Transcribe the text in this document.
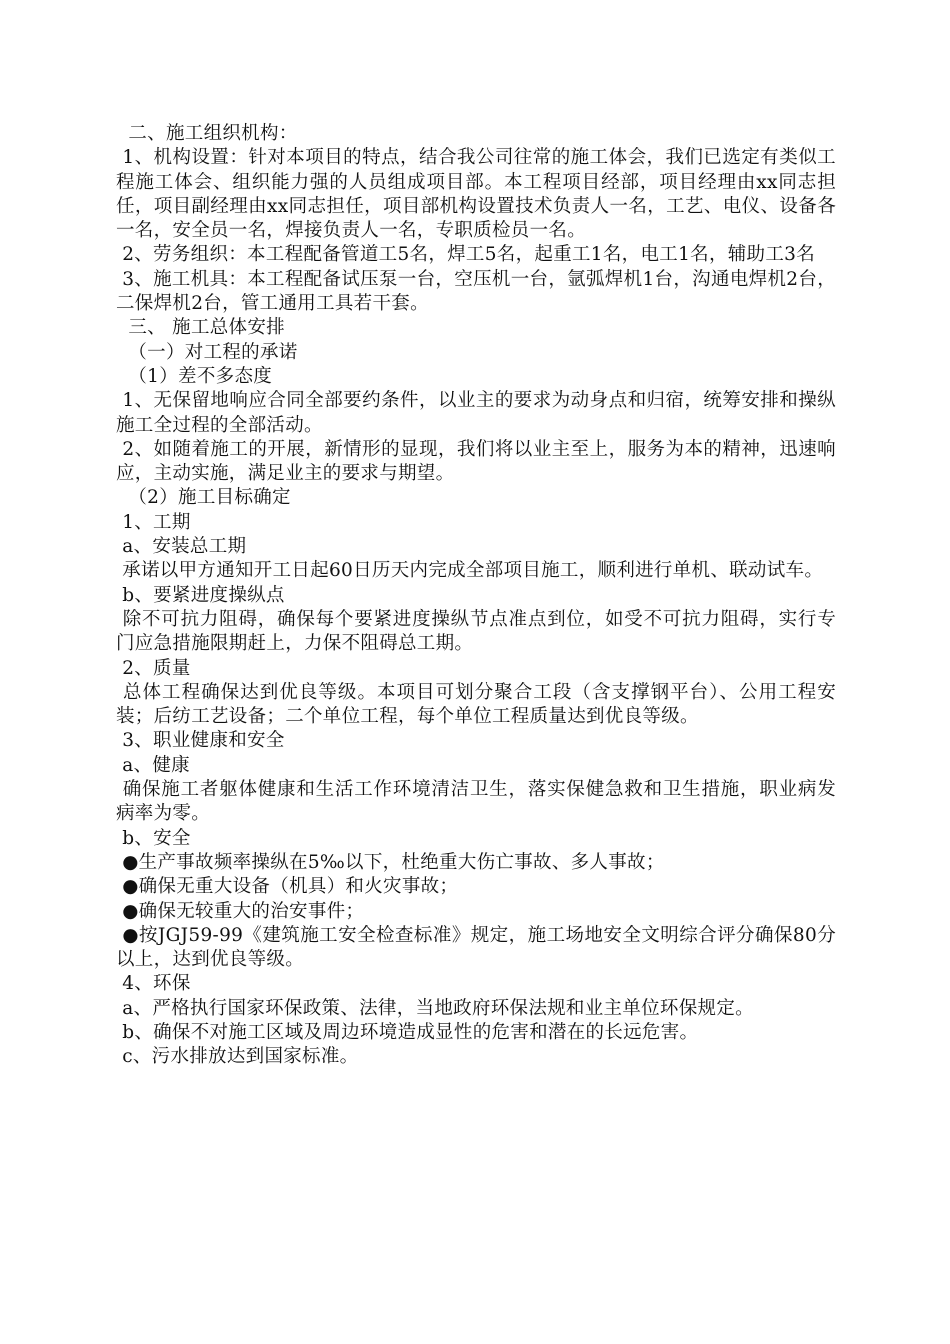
二、施工组织机构：

1、机构设置：针对本项目的特点，结合我公司往常的施工体会，我们已选定有类似工程施工体会、组织能力强的人员组成项目部。本工程项目经部，项目经理由xx同志担任，项目副经理由xx同志担任，项目部机构设置技术负责人一名，工艺、电仪、设备各一名，安全员一名，焊接负责人一名，专职质检员一名。

2、劳务组织：本工程配备管道工5名，焊工5名，起重工1名，电工1名，辅助工3名

3、施工机具：本工程配备试压泵一台，空压机一台，氩弧焊机1台，沟通电焊机2台，二保焊机2台，管工通用工具若干套。

三、 施工总体安排

（一）对工程的承诺

（1）差不多态度

1、无保留地响应合同全部要约条件，以业主的要求为动身点和归宿，统筹安排和操纵施工全过程的全部活动。

2、如随着施工的开展，新情形的显现，我们将以业主至上，服务为本的精神，迅速响应，主动实施，满足业主的要求与期望。

（2）施工目标确定

1、工期

a、安装总工期

承诺以甲方通知开工日起60日历天内完成全部项目施工，顺利进行单机、联动试车。

b、要紧进度操纵点

除不可抗力阻碍，确保每个要紧进度操纵节点准点到位，如受不可抗力阻碍，实行专门应急措施限期赶上，力保不阻碍总工期。

2、质量

总体工程确保达到优良等级。本项目可划分聚合工段（含支撑钢平台）、公用工程安装；后纺工艺设备；二个单位工程，每个单位工程质量达到优良等级。

3、职业健康和安全

a、健康

确保施工者躯体健康和生活工作环境清洁卫生，落实保健急救和卫生措施，职业病发病率为零。

b、安全

●生产事故频率操纵在5‰以下，杜绝重大伤亡事故、多人事故；

●确保无重大设备（机具）和火灾事故；

●确保无较重大的治安事件；

●按JGJ59-99《建筑施工安全检查标准》规定，施工场地安全文明综合评分确保80分以上，达到优良等级。

4、环保

a、严格执行国家环保政策、法律，当地政府环保法规和业主单位环保规定。

b、确保不对施工区域及周边环境造成显性的危害和潜在的长远危害。

c、污水排放达到国家标准。
